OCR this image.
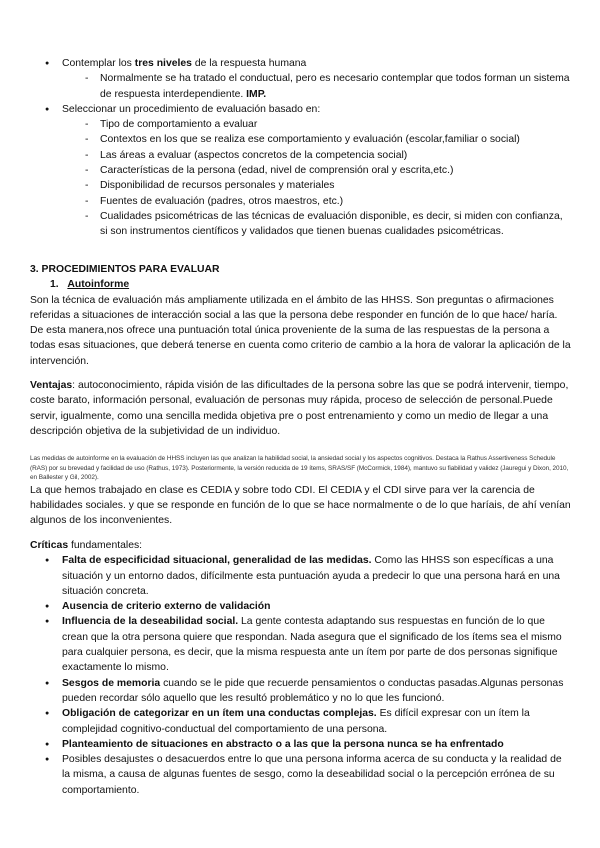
● Contemplar los tres niveles de la respuesta humana
- Normalmente se ha tratado el conductual, pero es necesario contemplar que todos forman un sistema de respuesta interdependiente. IMP.
● Seleccionar un procedimiento de evaluación basado en:
- Tipo de comportamiento a evaluar
- Contextos en los que se realiza ese comportamiento y evaluación (escolar,familiar o social)
- Las áreas a evaluar (aspectos concretos de la competencia social)
- Características de la persona (edad, nivel de comprensión oral y escrita,etc.)
- Disponibilidad de recursos personales y materiales
- Fuentes de evaluación (padres, otros maestros, etc.)
- Cualidades psicométricas de las técnicas de evaluación disponible, es decir, si miden con confianza, si son instrumentos científicos y validados que tienen buenas cualidades psicométricas.
3. PROCEDIMIENTOS PARA EVALUAR
1. Autoinforme

Son la técnica de evaluación más ampliamente utilizada en el ámbito de las HHSS. Son preguntas o afirmaciones referidas a situaciones de interacción social a las que la persona debe responder en función de lo que hace/ haría. De esta manera,nos ofrece una puntuación total única proveniente de la suma de las respuestas de la persona a todas esas situaciones, que deberá tenerse en cuenta como criterio de cambio a la hora de valorar la aplicación de la intervención.

Ventajas: autoconocimiento, rápida visión de las dificultades de la persona sobre las que se podrá intervenir, tiempo, coste barato, información personal, evaluación de personas muy rápida, proceso de selección de personal.Puede servir, igualmente, como una sencilla medida objetiva pre o post entrenamiento y como un medio de llegar a una descripción objetiva de la subjetividad de un individuo.

Las medidas de autoinforme en la evaluación de HHSS incluyen las que analizan la habilidad social, la ansiedad social y los aspectos cognitivos. Destaca la Rathus Assertiveness Schedule (RAS) por su brevedad y facilidad de uso (Rathus, 1973). Posteriormente, la versión reducida de 19 ítems, SRAS/SF (McCormick, 1984), mantuvo su fiabilidad y validez (Jauregui y Dixon, 2010, en Ballester y Gil, 2002).

La que hemos trabajado en clase es CEDIA y sobre todo CDI. El CEDIA y el CDI sirve para ver la carencia de habilidades sociales. y que se responde en función de lo que se hace normalmente o de lo que haríais, de ahí venían algunos de los inconvenientes.

Críticas fundamentales:
● Falta de especificidad situacional, generalidad de las medidas. Como las HHSS son específicas a una situación y un entorno dados, difícilmente esta puntuación ayuda a predecir lo que una persona hará en una situación concreta.
● Ausencia de criterio externo de validación
● Influencia de la deseabilidad social. La gente contesta adaptando sus respuestas en función de lo que crean que la otra persona quiere que respondan. Nada asegura que el significado de los ítems sea el mismo para cualquier persona, es decir, que la misma respuesta ante un ítem por parte de dos personas signifique exactamente lo mismo.
● Sesgos de memoria cuando se le pide que recuerde pensamientos o conductas pasadas.Algunas personas pueden recordar sólo aquello que les resultó problemático y no lo que les funcionó.
● Obligación de categorizar en un ítem una conductas complejas. Es difícil expresar con un ítem la complejidad cognitivo-conductual del comportamiento de una persona.
● Planteamiento de situaciones en abstracto o a las que la persona nunca se ha enfrentado
● Posibles desajustes o desacuerdos entre lo que una persona informa acerca de su conducta y la realidad de la misma, a causa de algunas fuentes de sesgo, como la deseabilidad social o la percepción errónea de su comportamiento.
